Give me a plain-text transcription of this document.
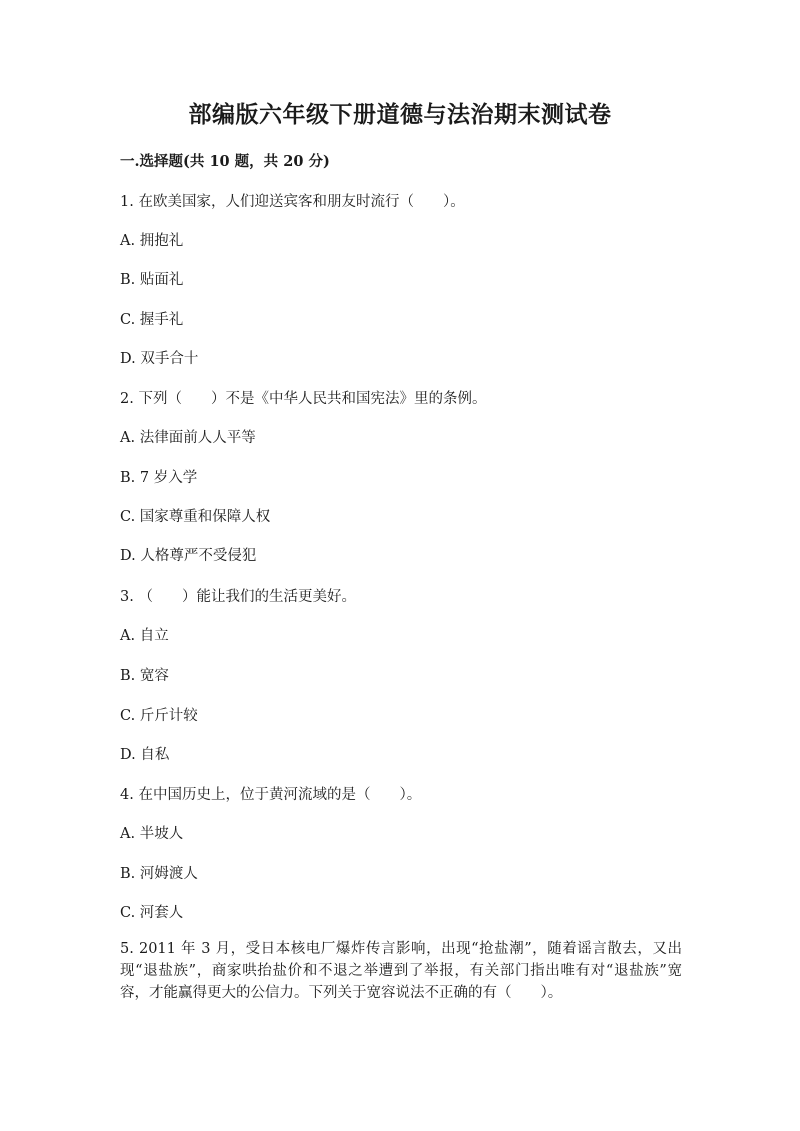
部编版六年级下册道德与法治期末测试卷
一.选择题(共 10 题，共 20 分)
1. 在欧美国家，人们迎送宾客和朋友时流行（　　）。
A. 拥抱礼
B. 贴面礼
C. 握手礼
D. 双手合十
2. 下列（　　）不是《中华人民共和国宪法》里的条例。
A. 法律面前人人平等
B. 7 岁入学
C. 国家尊重和保障人权
D. 人格尊严不受侵犯
3. （　　）能让我们的生活更美好。
A. 自立
B. 宽容
C. 斤斤计较
D. 自私
4. 在中国历史上，位于黄河流域的是（　　）。
A. 半坡人
B. 河姆渡人
C. 河套人
5. 2011 年 3 月，受日本核电厂爆炸传言影响，出现“抢盐潮”，随着谣言散去，又出现“退盐族”，商家哄抬盐价和不退之举遭到了举报，有关部门指出唯有对“退盐族”宽容，才能赢得更大的公信力。下列关于宽容说法不正确的有（　　）。
